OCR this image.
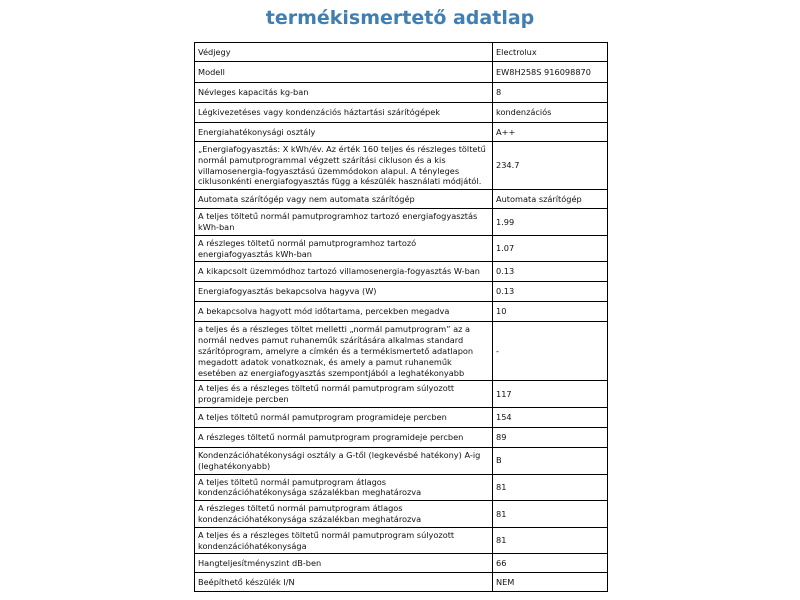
termékismertető adatlap
Védjegy	Electrolux
Modell	EW8H258S 916098870
Névleges kapacitás kg-ban	8
Légkivezetéses vagy kondenzációs háztartási szárítógépek	kondenzációs
Energiahatékonysági osztály	A++
„Energiafogyasztás: X kWh/év. Az érték 160 teljes és részleges töltetű normál pamutprogrammal végzett szárítási cikluson és a kis villamosenergia-fogyasztású üzemmódokon alapul. A tényleges ciklusonkénti energiafogyasztás függ a készülék használati módjától.	234.7
Automata szárítógép vagy nem automata szárítógép	Automata szárítógép
A teljes töltetű normál pamutprogramhoz tartozó energiafogyasztás kWh-ban	1.99
A részleges töltetű normál pamutprogramhoz tartozó energiafogyasztás kWh-ban	1.07
A kikapcsolt üzemmódhoz tartozó villamosenergia-fogyasztás W-ban	0.13
Energiafogyasztás bekapcsolva hagyva (W)	0.13
A bekapcsolva hagyott mód időtartama, percekben megadva	10
a teljes és a részleges töltet melletti „normál pamutprogram” az a normál nedves pamut ruhaneműk szárítására alkalmas standard szárítóprogram, amelyre a címkén és a termékismertető adatlapon megadott adatok vonatkoznak, és amely a pamut ruhaneműk esetében az energiafogyasztás szempontjából a leghatékonyabb	-
A teljes és a részleges töltetű normál pamutprogram súlyozott programideje percben	117
A teljes töltetű normál pamutprogram programideje percben	154
A részleges töltetű normál pamutprogram programideje percben	89
Kondenzációhatékonysági osztály a G-től (legkevésbé hatékony) A-ig (leghatékonyabb)	B
A teljes töltetű normál pamutprogram átlagos kondenzációhatékonysága százalékban meghatározva	81
A részleges töltetű normál pamutprogram átlagos kondenzációhatékonysága százalékban meghatározva	81
A teljes és a részleges töltetű normál pamutprogram súlyozott kondenzációhatékonysága	81
Hangteljesítményszint dB-ben	66
Beépíthető készülék I/N	NEM
